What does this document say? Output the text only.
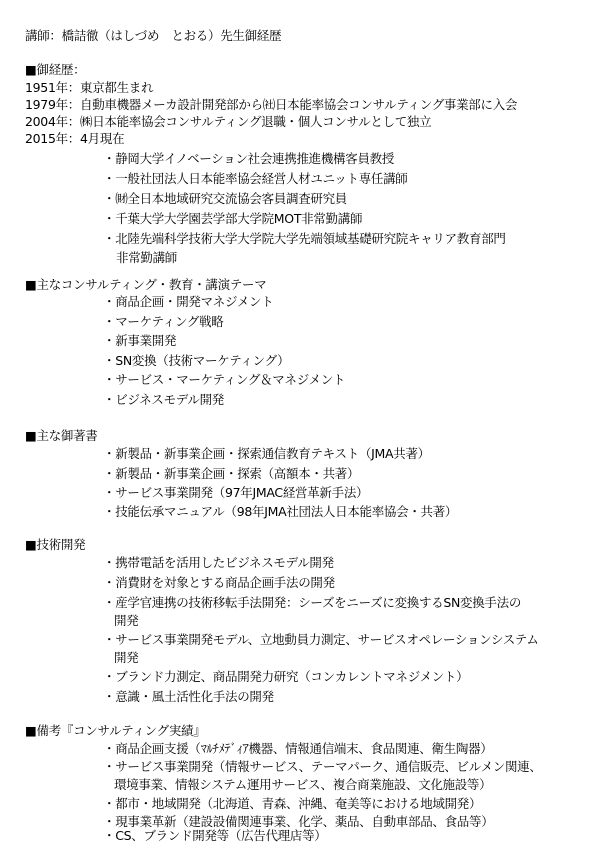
講師：橋詰徹（はしづめ　とおる）先生御経歴
■御経歴：
1951年：東京都生まれ
1979年：自動車機器メーカ設計開発部から㈳日本能率協会コンサルティング事業部に入会
2004年：㈱日本能率協会コンサルティング退職・個人コンサルとして独立
2015年：4月現在
・静岡大学イノベーション社会連携推進機構客員教授
・一般社団法人日本能率協会経営人材ユニット専任講師
・㈶全日本地域研究交流協会客員調査研究員
・千葉大学大学園芸学部大学院MOT非常勤講師
・北陸先端科学技術大学大学院大学先端領域基礎研究院キャリア教育部門
非常勤講師
■主なコンサルティング・教育・講演テーマ
・商品企画・開発マネジメント
・マーケティング戦略
・新事業開発
・SN変換（技術マーケティング）
・サービス・マーケティング＆マネジメント
・ビジネスモデル開発
■主な御著書
・新製品・新事業企画・探索通信教育テキスト（JMA共著）
・新製品・新事業企画・探索（高額本・共著）
・サービス事業開発（97年JMAC経営革新手法）
・技能伝承マニュアル（98年JMA社団法人日本能率協会・共著）
■技術開発
・携帯電話を活用したビジネスモデル開発
・消費財を対象とする商品企画手法の開発
・産学官連携の技術移転手法開発：シーズをニーズに変換するSN変換手法の
開発
・サービス事業開発モデル、立地動員力測定、サービスオペレーションシステム
開発
・ブランド力測定、商品開発力研究（コンカレントマネジメント）
・意識・風土活性化手法の開発
■備考『コンサルティング実績』
・商品企画支援（ﾏﾙﾁﾒﾃﾞｨｱ機器、情報通信端末、食品関連、衛生陶器）
・サービス事業開発（情報サービス、テーマパーク、通信販売、ビルメン関連、
環境事業、情報システム運用サービス、複合商業施設、文化施設等）
・都市・地域開発（北海道、青森、沖縄、奄美等における地域開発）
・現事業革新（建設設備関連事業、化学、薬品、自動車部品、食品等）
・CS、ブランド開発等（広告代理店等）
